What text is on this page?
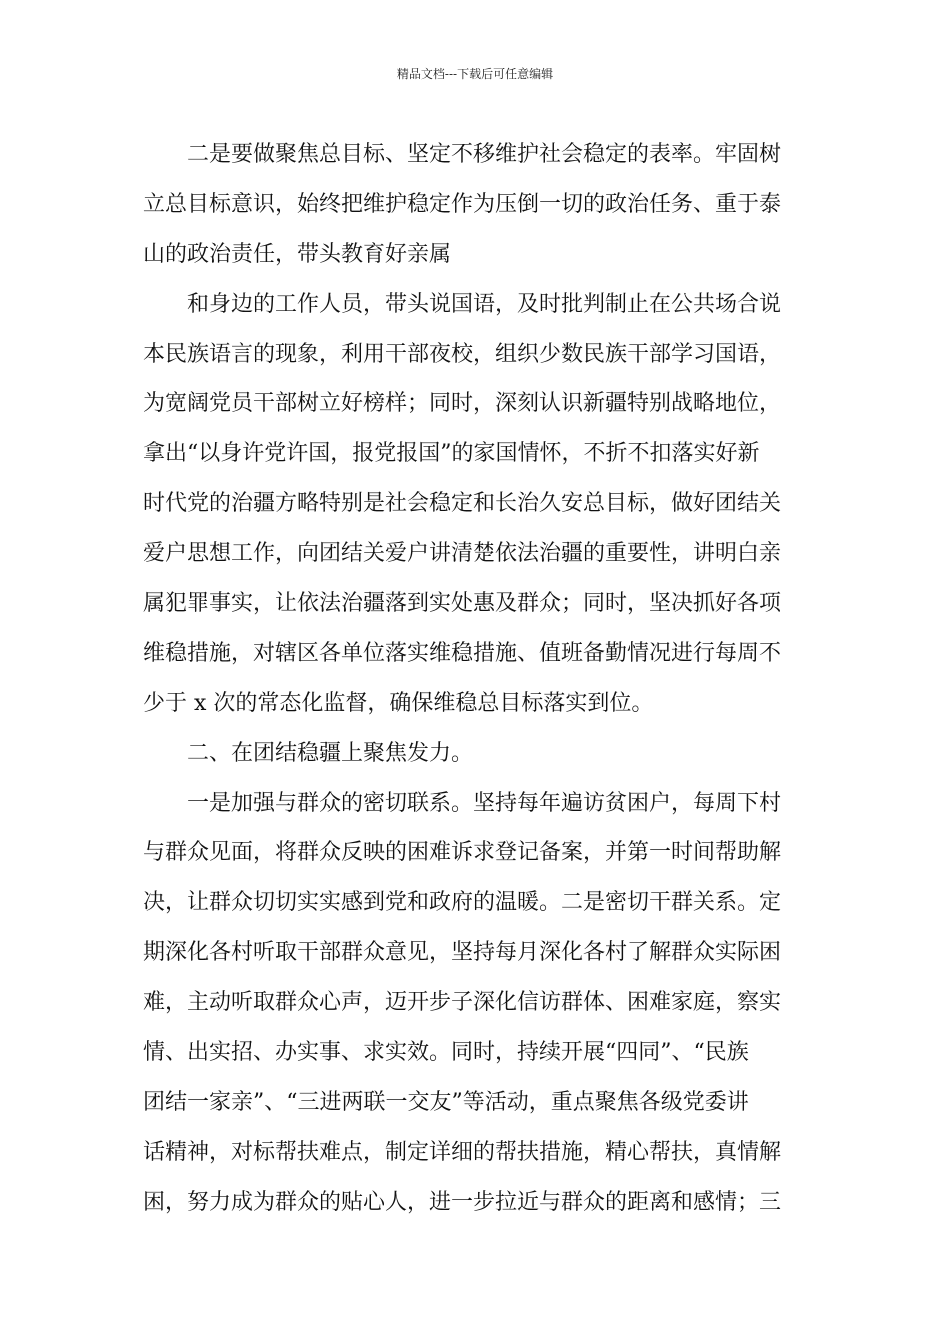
精品文档---下载后可任意编辑
二是要做聚焦总目标、坚定不移维护社会稳定的表率。牢固树
立总目标意识，始终把维护稳定作为压倒一切的政治任务、重于泰
山的政治责任，带头教育好亲属
和身边的工作人员，带头说国语，及时批判制止在公共场合说
本民族语言的现象，利用干部夜校，组织少数民族干部学习国语，
为宽阔党员干部树立好榜样；同时，深刻认识新疆特别战略地位，
拿出“以身许党许国，报党报国”的家国情怀，不折不扣落实好新
时代党的治疆方略特别是社会稳定和长治久安总目标，做好团结关
爱户思想工作，向团结关爱户讲清楚依法治疆的重要性，讲明白亲
属犯罪事实，让依法治疆落到实处惠及群众；同时，坚决抓好各项
维稳措施，对辖区各单位落实维稳措施、值班备勤情况进行每周不
少于 x 次的常态化监督，确保维稳总目标落实到位。
二、在团结稳疆上聚焦发力。
一是加强与群众的密切联系。坚持每年遍访贫困户，每周下村
与群众见面，将群众反映的困难诉求登记备案，并第一时间帮助解
决，让群众切切实实感到党和政府的温暖。二是密切干群关系。定
期深化各村听取干部群众意见，坚持每月深化各村了解群众实际困
难，主动听取群众心声，迈开步子深化信访群体、困难家庭，察实
情、出实招、办实事、求实效。同时，持续开展“四同”、“民族
团结一家亲”、“三进两联一交友”等活动，重点聚焦各级党委讲
话精神，对标帮扶难点，制定详细的帮扶措施，精心帮扶，真情解
困，努力成为群众的贴心人，进一步拉近与群众的距离和感情；三
